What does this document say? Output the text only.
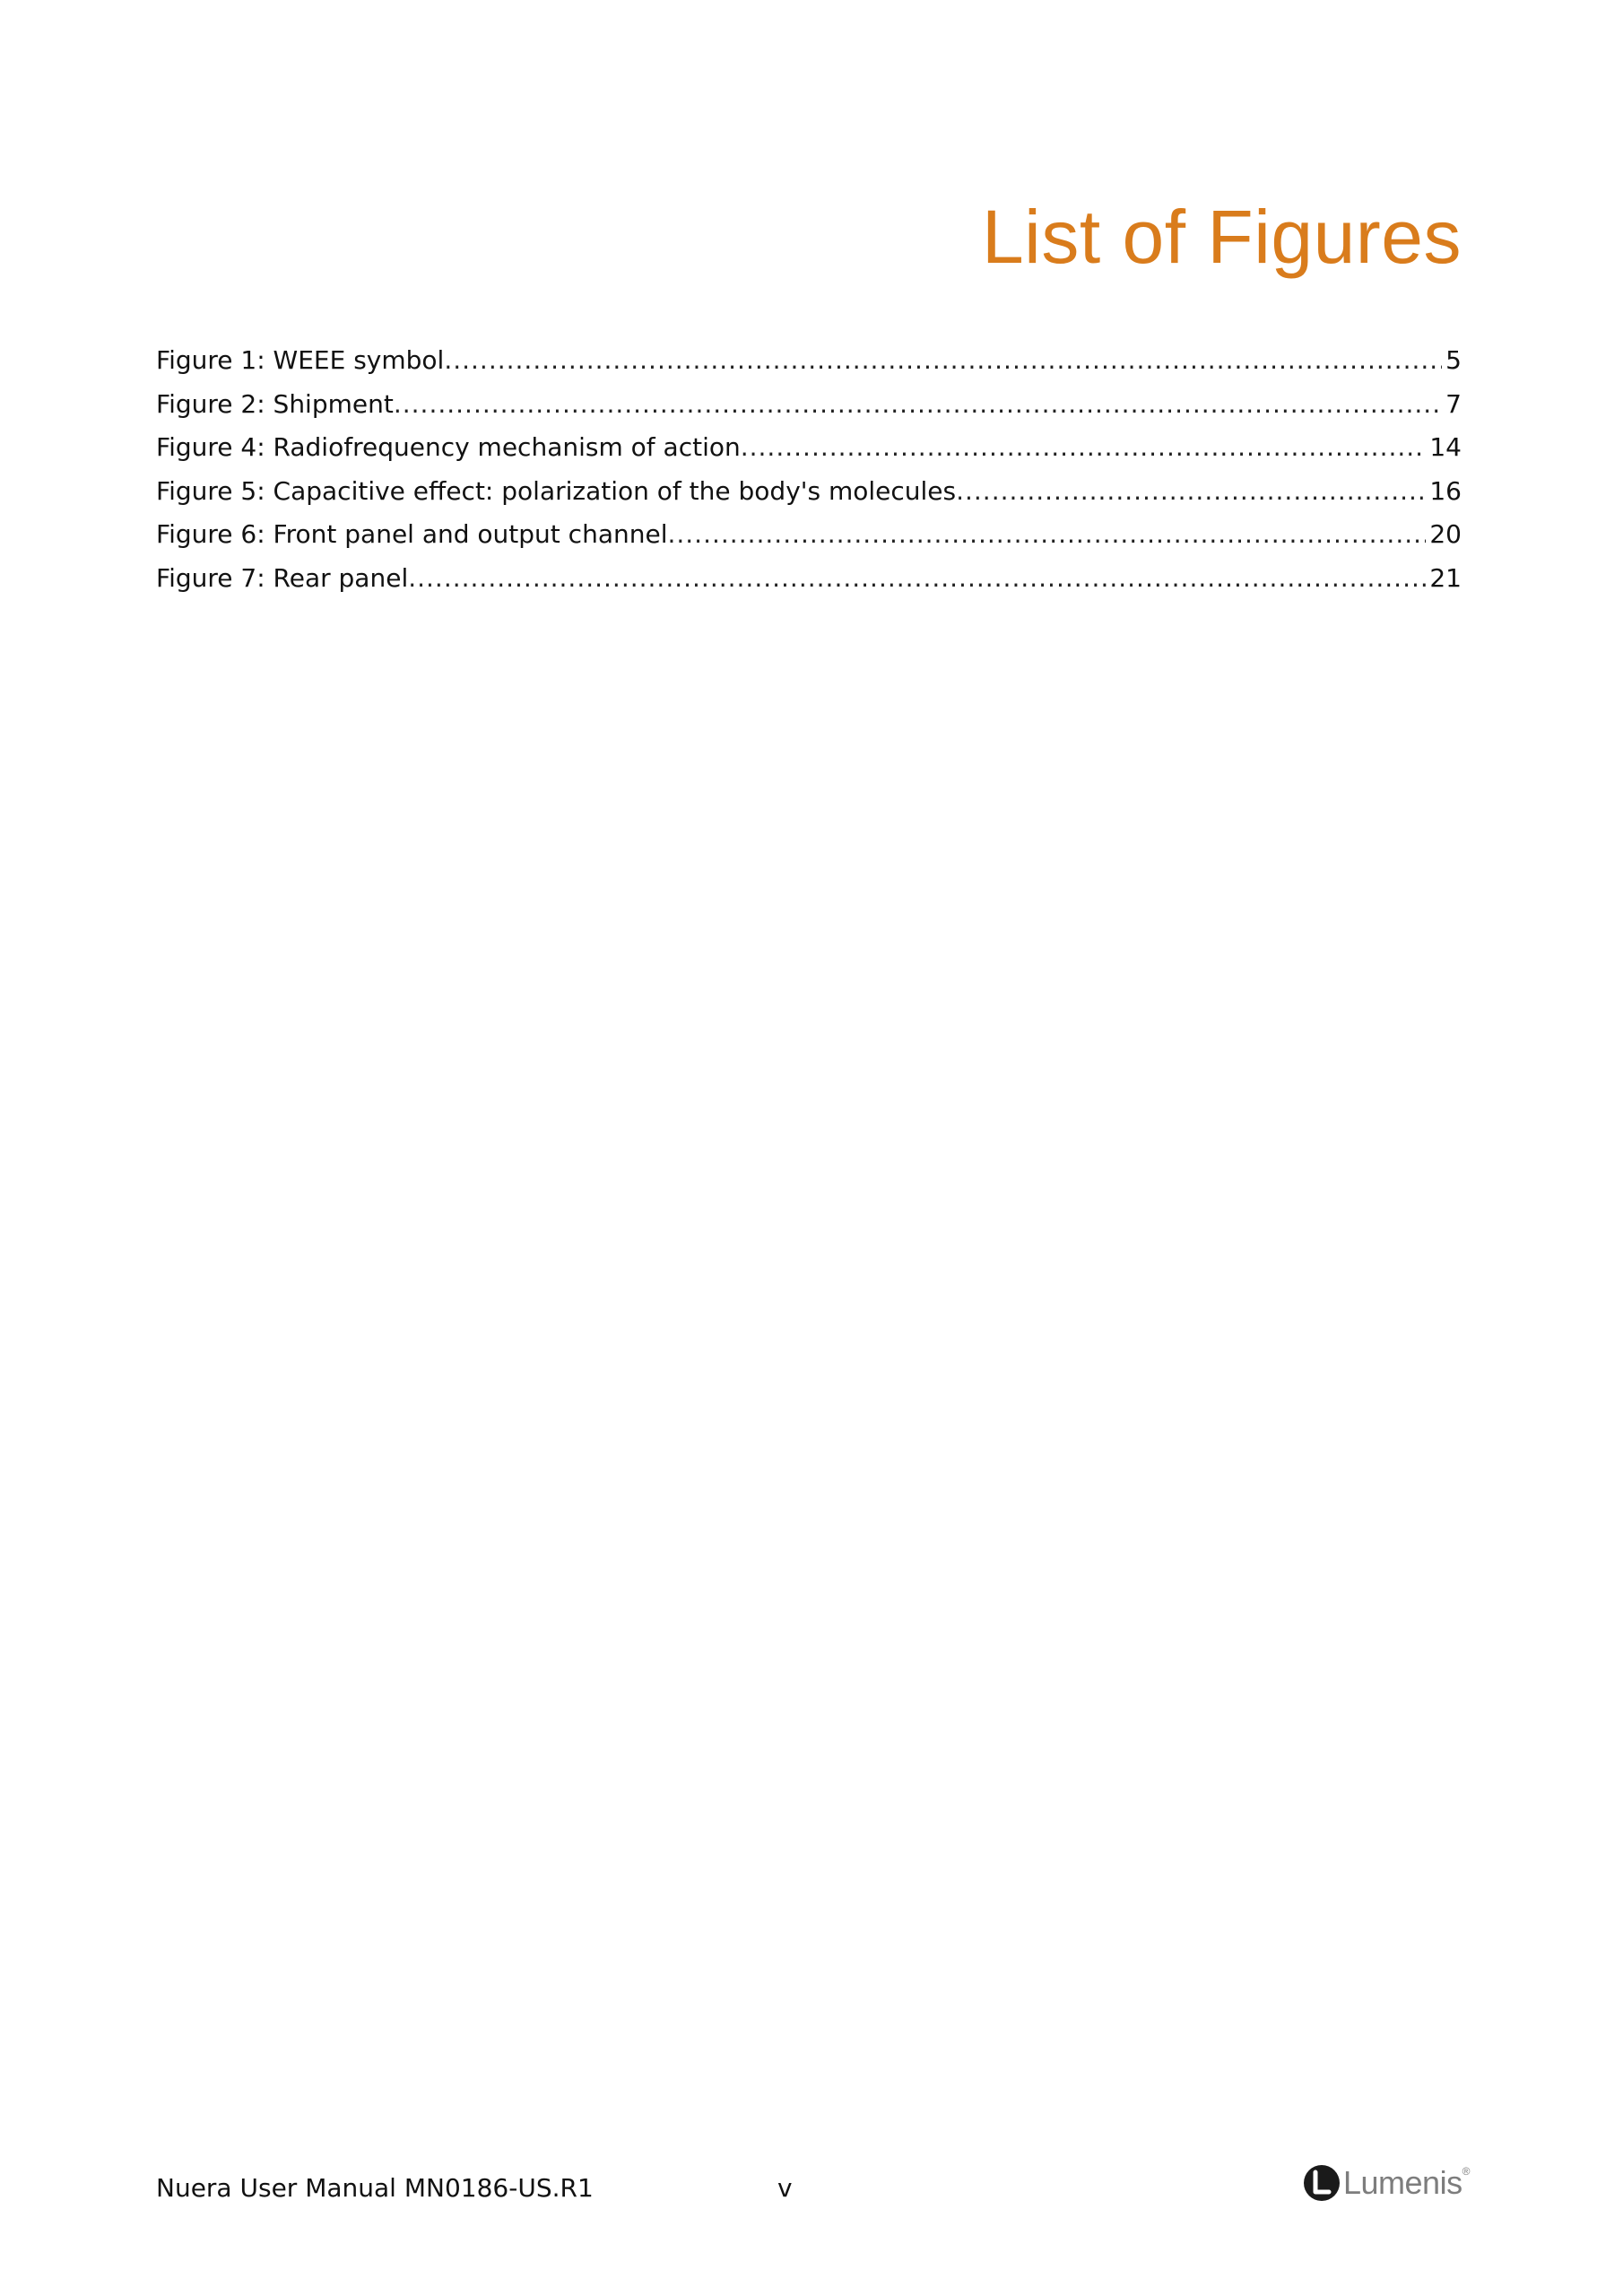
List of Figures
Figure 1: WEEE symbol .....	5
Figure 2: Shipment .....	7
Figure 4: Radiofrequency mechanism of action .....	14
Figure 5: Capacitive effect: polarization of the body's molecules .....	16
Figure 6: Front panel and output channel .....	20
Figure 7: Rear panel .....	21
Nuera User Manual MN0186-US.R1	v	Lumenis ®
